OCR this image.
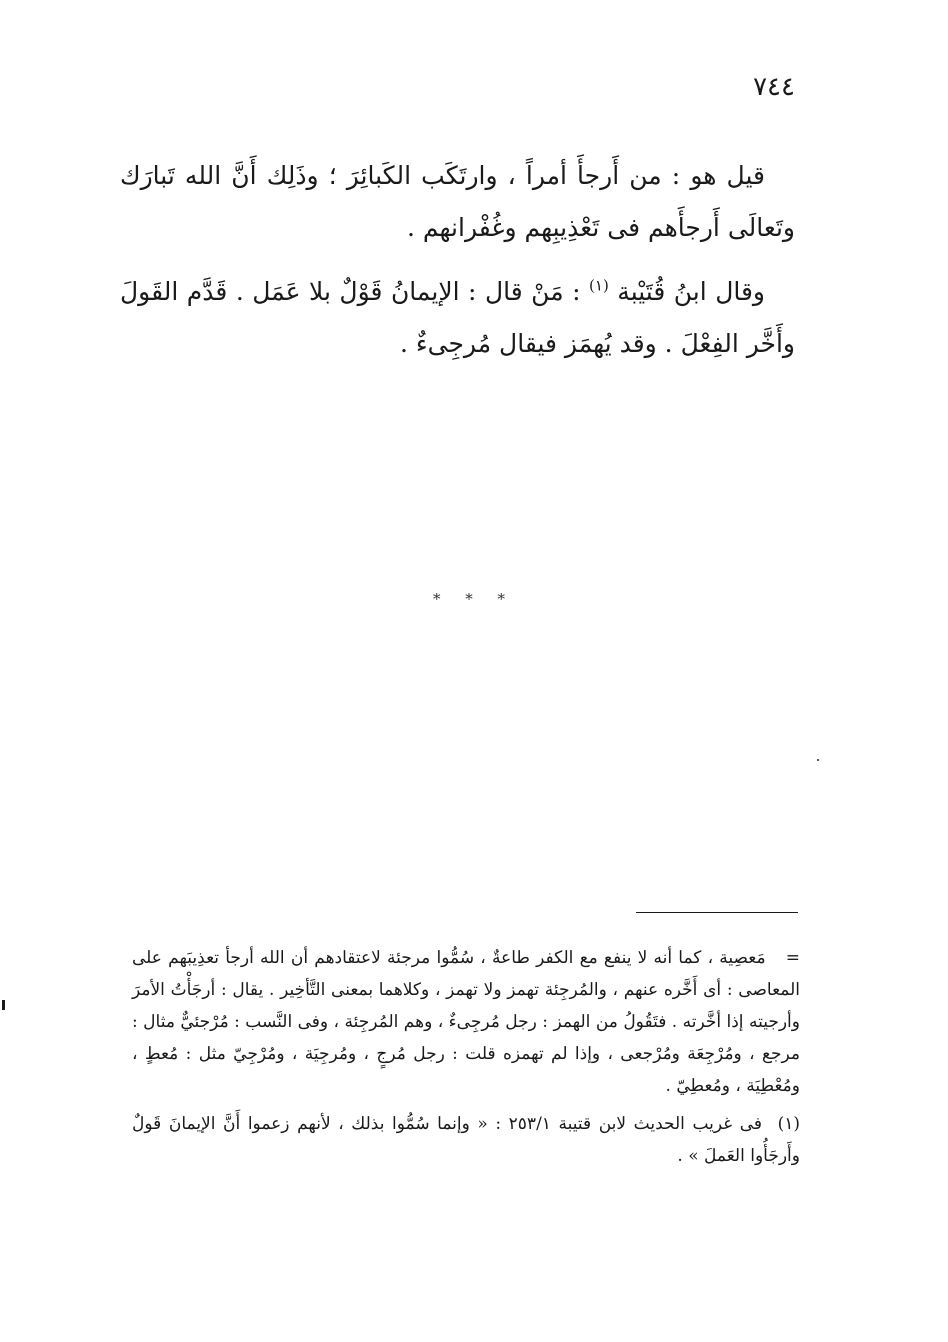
٧٤٤

قيل هو : من أَرجأَ أمراً ، وارتَكَب الكَبائِرَ ؛ وذَلِك أَنَّ الله تَبارَك وتَعالَى أَرجأَهم فى تَعْذِيبِهم وغُفْرانهم .

وقال ابنُ قُتَيْبة $^{(١)}$ : مَنْ قال : الإيمانُ قَوْلٌ بلا عَمَل . قَدَّم القَولَ وأَخَّر الفِعْلَ . وقد يُهمَز فيقال مُرجِىءٌ .

* * *

= مَعصِية ، كما أنه لا ينفع مع الكفر طاعةٌ ، سُمُّوا مرجئة لاعتقادهم أن الله أرجأ تعذِيبَهم على المعاصى : أى أَخَّره عنهم ، والمُرجِئة تهمز ولا تهمز ، وكلاهما بمعنى التَّأخِير . يقال : أرجَأْتُ الأمرَ وأرجيته إذا أخَّرته . فتَقُولُ من الهمز : رجل مُرجِىءٌ ، وهم المُرجِئة ، وفى النَّسب : مُرْجئيٌّ مثال : مرجع ، ومُرْجِعَة ومُرْجعى ، وإذا لم تهمزه قلت : رجل مُرجٍ ، ومُرجِيَة ، ومُرْجِيّ مثل : مُعطٍ ، ومُعْطِيَة ، ومُعطِيّ .

(١) فى غريب الحديث لابن قتيبة ٢٥٣/١ : « وإنما سُمُّوا بذلك ، لأنهم زعموا أَنَّ الإيمانَ قَولٌ وأَرجَأُوا العَملَ » .
